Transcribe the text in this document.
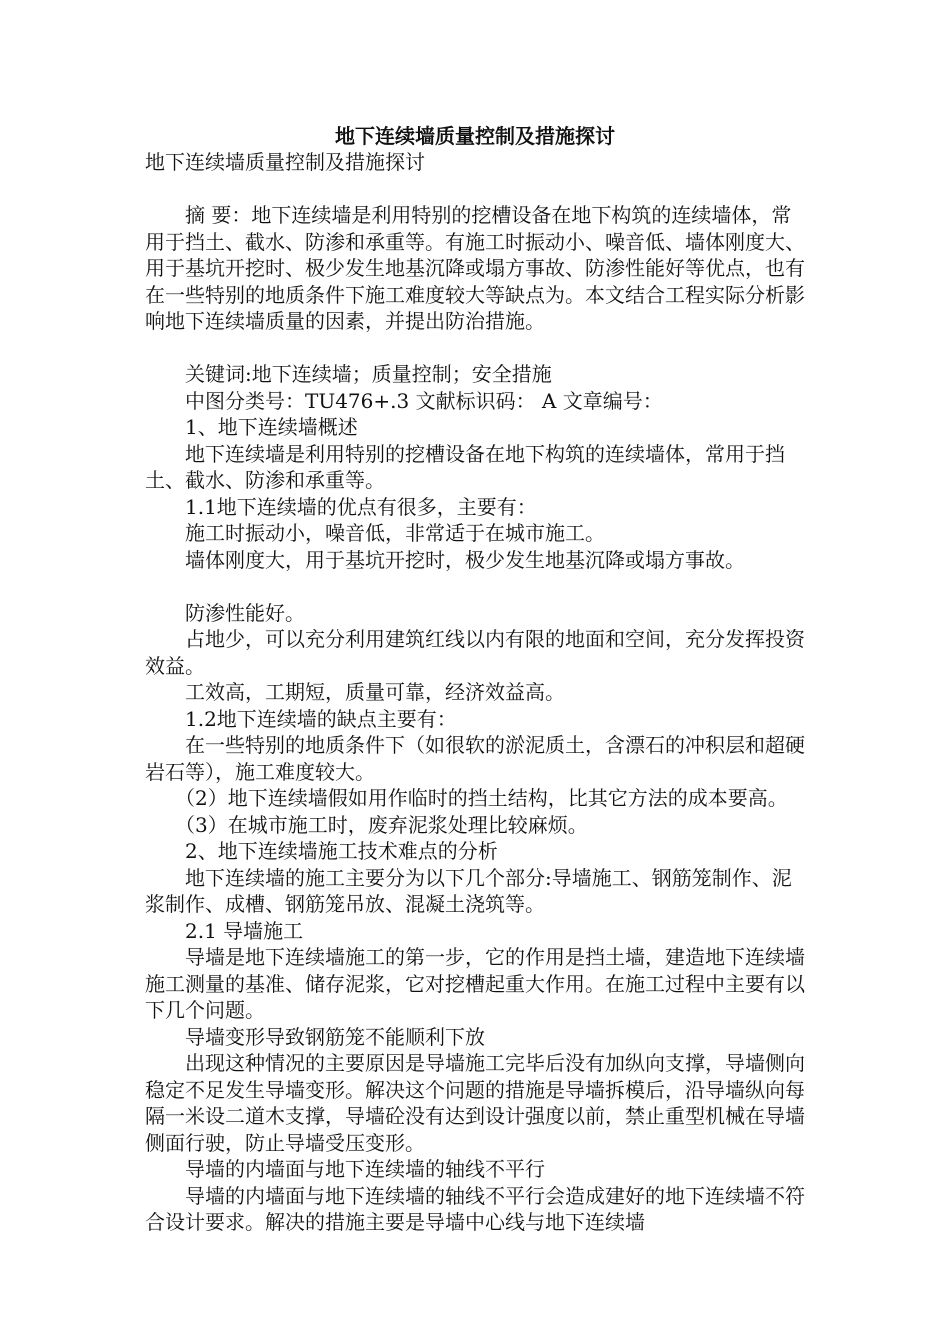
地下连续墙质量控制及措施探讨

地下连续墙质量控制及措施探讨

　　摘 要：地下连续墙是利用特别的挖槽设备在地下构筑的连续墙体，常用于挡土、截水、防渗和承重等。有施工时振动小、噪音低、墙体刚度大、用于基坑开挖时、极少发生地基沉降或塌方事故、防渗性能好等优点，也有在一些特别的地质条件下施工难度较大等缺点为。本文结合工程实际分析影响地下连续墙质量的因素，并提出防治措施。

　　关键词:地下连续墙；质量控制；安全措施

　　中图分类号：TU476+.3 文献标识码： A 文章编号：

　　1、地下连续墙概述

　　地下连续墙是利用特别的挖槽设备在地下构筑的连续墙体，常用于挡土、截水、防渗和承重等。

　　1.1地下连续墙的优点有很多，主要有：

　　施工时振动小，噪音低，非常适于在城市施工。

　　墙体刚度大，用于基坑开挖时，极少发生地基沉降或塌方事故。

　　防渗性能好。

　　占地少，可以充分利用建筑红线以内有限的地面和空间，充分发挥投资效益。

　　工效高，工期短，质量可靠，经济效益高。

　　1.2地下连续墙的缺点主要有：

　　在一些特别的地质条件下（如很软的淤泥质土，含漂石的冲积层和超硬岩石等），施工难度较大。

　　（2）地下连续墙假如用作临时的挡土结构，比其它方法的成本要高。

　　（3）在城市施工时，废弃泥浆处理比较麻烦。

　　2、地下连续墙施工技术难点的分析

　　地下连续墙的施工主要分为以下几个部分:导墙施工、钢筋笼制作、泥浆制作、成槽、钢筋笼吊放、混凝土浇筑等。

　　2.1 导墙施工

　　导墙是地下连续墙施工的第一步，它的作用是挡土墙，建造地下连续墙施工测量的基准、储存泥浆，它对挖槽起重大作用。在施工过程中主要有以下几个问题。

　　导墙变形导致钢筋笼不能顺利下放

　　出现这种情况的主要原因是导墙施工完毕后没有加纵向支撑，导墙侧向稳定不足发生导墙变形。解决这个问题的措施是导墙拆模后，沿导墙纵向每隔一米设二道木支撑，导墙砼没有达到设计强度以前，禁止重型机械在导墙侧面行驶，防止导墙受压变形。

　　导墙的内墙面与地下连续墙的轴线不平行

　　导墙的内墙面与地下连续墙的轴线不平行会造成建好的地下连续墙不符合设计要求。解决的措施主要是导墙中心线与地下连续墙
